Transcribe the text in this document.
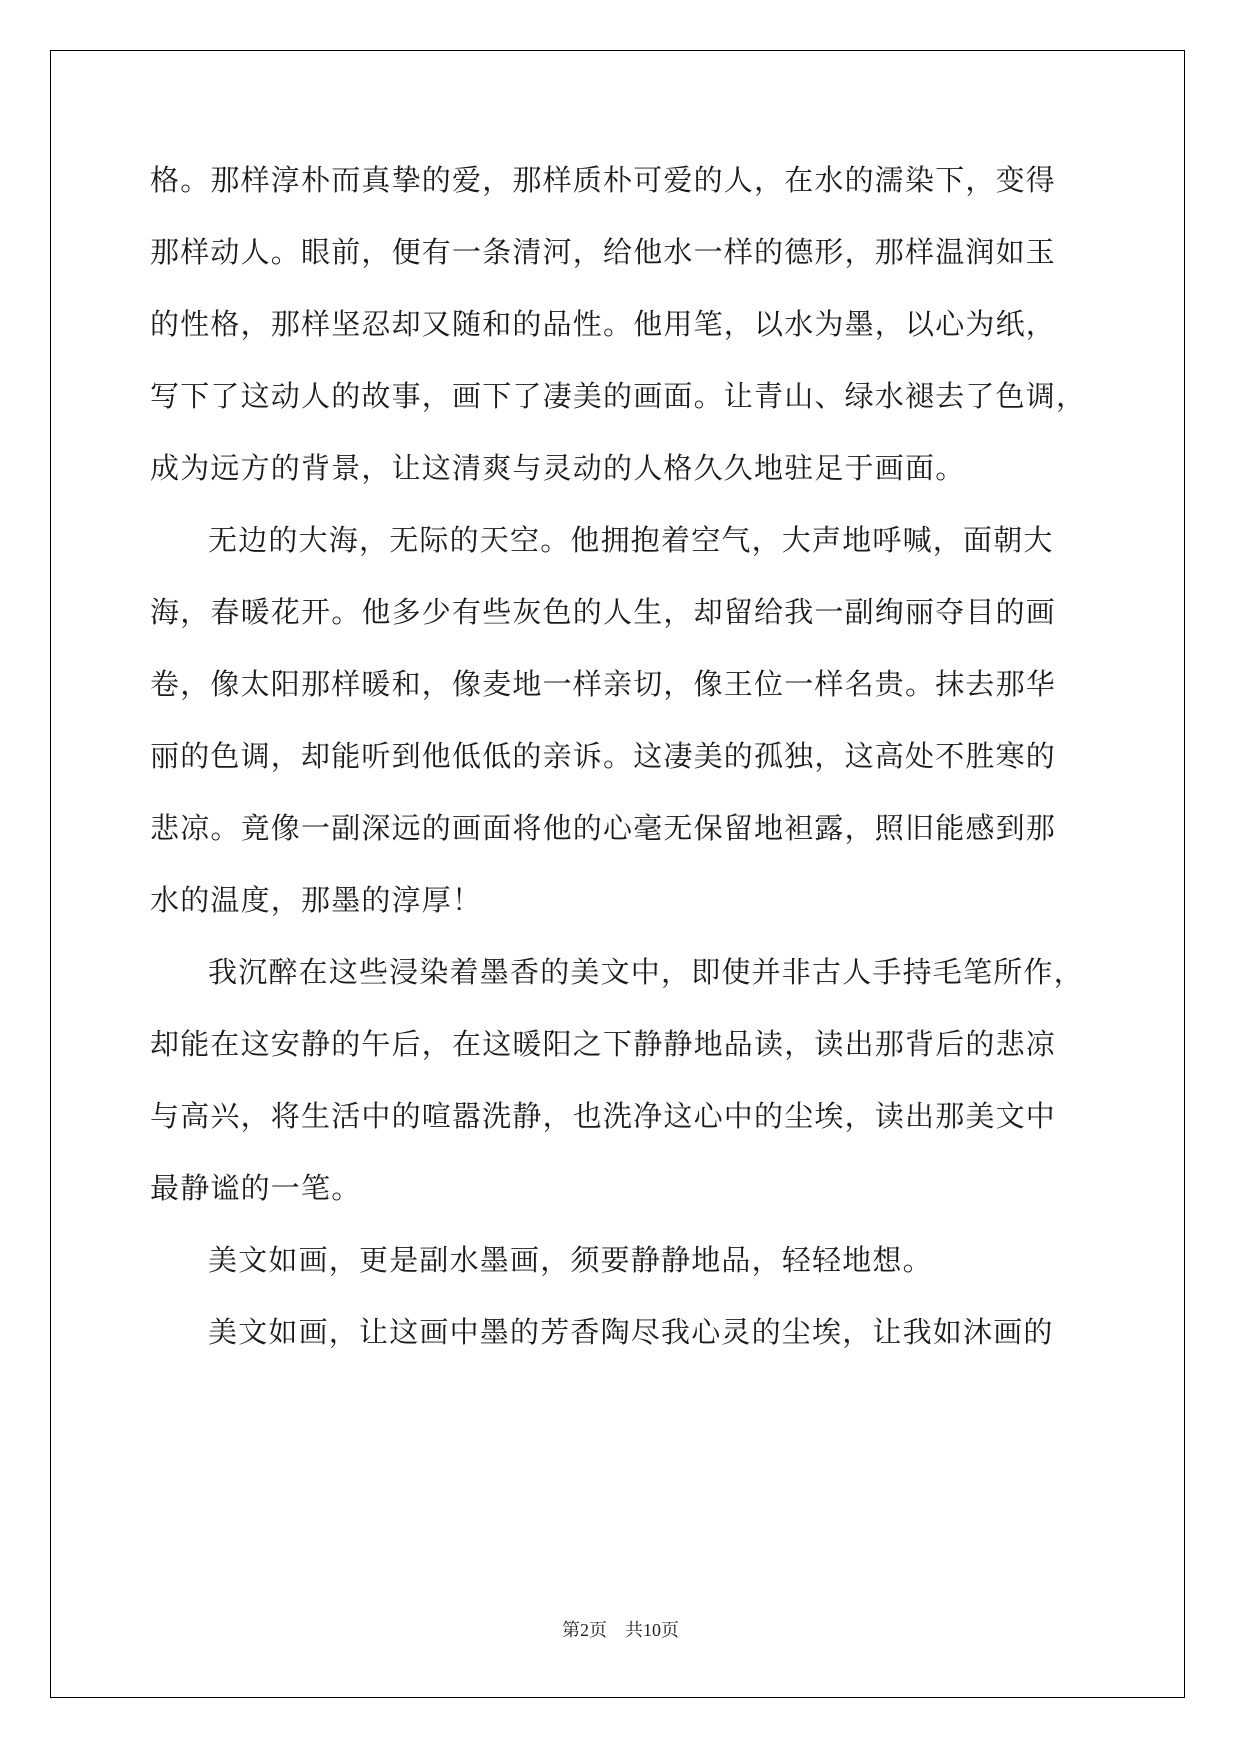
格。那样淳朴而真挚的爱，那样质朴可爱的人，在水的濡染下，变得
那样动人。眼前，便有一条清河，给他水一样的德形，那样温润如玉
的性格，那样坚忍却又随和的品性。他用笔，以水为墨，以心为纸，
写下了这动人的故事，画下了凄美的画面。让青山、绿水褪去了色调，
成为远方的背景，让这清爽与灵动的人格久久地驻足于画面。
无边的大海，无际的天空。他拥抱着空气，大声地呼喊，面朝大
海，春暖花开。他多少有些灰色的人生，却留给我一副绚丽夺目的画
卷，像太阳那样暖和，像麦地一样亲切，像王位一样名贵。抹去那华
丽的色调，却能听到他低低的亲诉。这凄美的孤独，这高处不胜寒的
悲凉。竟像一副深远的画面将他的心毫无保留地袒露，照旧能感到那
水的温度，那墨的淳厚！
我沉醉在这些浸染着墨香的美文中，即使并非古人手持毛笔所作，
却能在这安静的午后，在这暖阳之下静静地品读，读出那背后的悲凉
与高兴，将生活中的喧嚣洗静，也洗净这心中的尘埃，读出那美文中
最静谧的一笔。
美文如画，更是副水墨画，须要静静地品，轻轻地想。
美文如画，让这画中墨的芳香陶尽我心灵的尘埃，让我如沐画的
第2页 共10页
